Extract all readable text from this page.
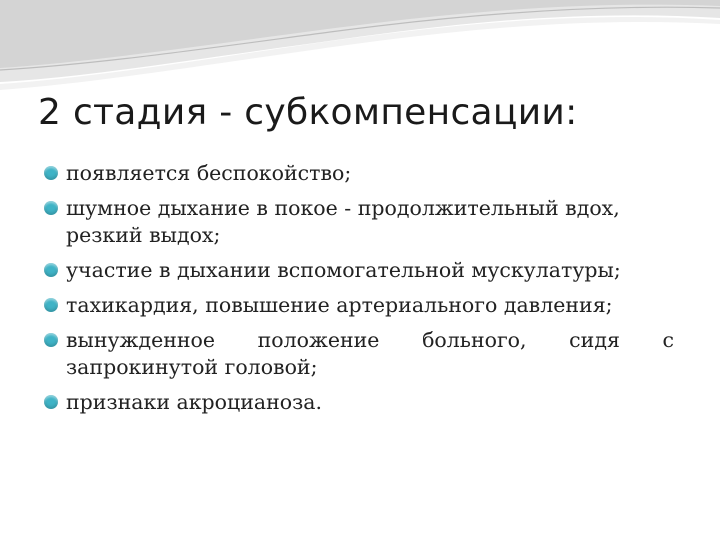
2 стадия - субкомпенсации:
появляется беспокойство;
шумное дыхание в покое - продолжительный вдох, резкий выдох;
участие в дыхании вспомогательной мускулатуры;
тахикардия, повышение артериального давления;
вынужденное положение больного, сидя с запрокинутой головой;
признаки акроцианоза.
